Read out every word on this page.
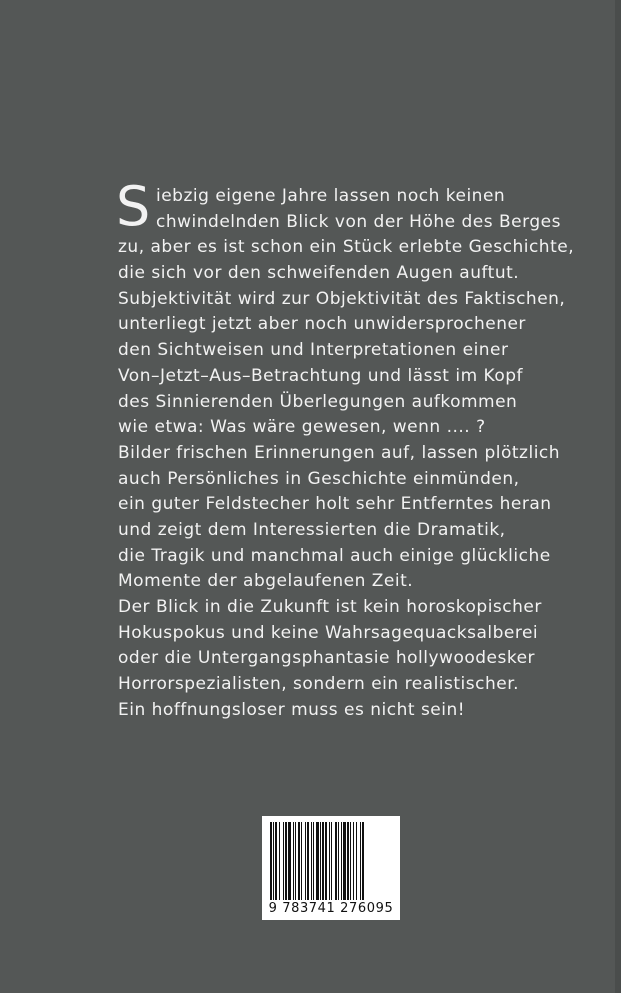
S iebzig eigene Jahre lassen noch keinen
chwindelnden Blick von der Höhe des Berges
zu, aber es ist schon ein Stück erlebte Geschichte,
die sich vor den schweifenden Augen auftut.
Subjektivität wird zur Objektivität des Faktischen,
unterliegt jetzt aber noch unwidersprochener
den Sichtweisen und Interpretationen einer
Von–Jetzt–Aus–Betrachtung und lässt im Kopf
des Sinnierenden Überlegungen aufkommen
wie etwa: Was wäre gewesen, wenn .... ?
Bilder frischen Erinnerungen auf, lassen plötzlich
auch Persönliches in Geschichte einmünden,
ein guter Feldstecher holt sehr Entferntes heran
und zeigt dem Interessierten die Dramatik,
die Tragik und manchmal auch einige glückliche
Momente der abgelaufenen Zeit.
Der Blick in die Zukunft ist kein horoskopischer
Hokuspokus und keine Wahrsagequacksalberei
oder die Untergangsphantasie hollywoodesker
Horrorspezialisten, sondern ein realistischer.
Ein hoffnungsloser muss es nicht sein!
9 783741 276095
